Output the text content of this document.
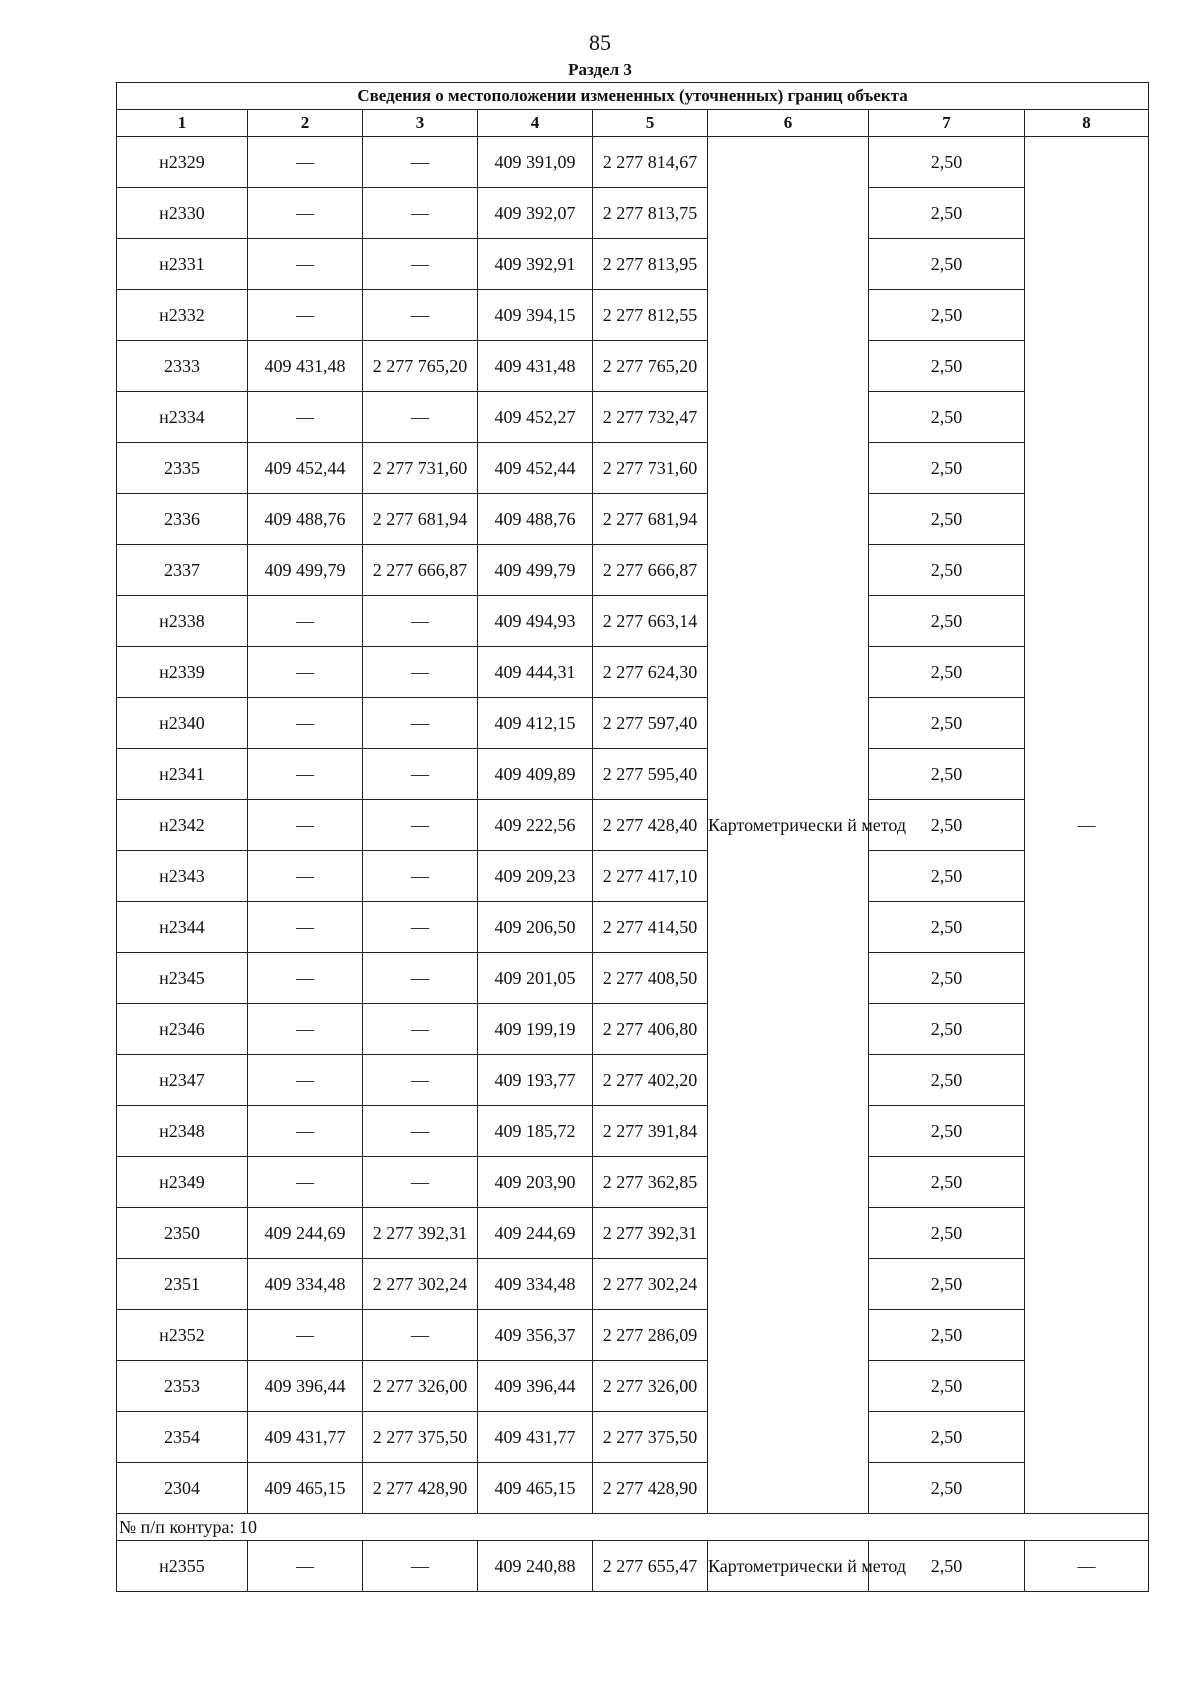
85
Раздел 3
Сведения о местоположении измененных (уточненных) границ объекта							
1	2	3	4	5	6	7	8
н2329	—	—	409 391,09	2 277 814,67	Картометрически й метод	2,50	—
н2330	—	—	409 392,07	2 277 813,75		2,50	
н2331	—	—	409 392,91	2 277 813,95		2,50	
н2332	—	—	409 394,15	2 277 812,55		2,50	
2333	409 431,48	2 277 765,20	409 431,48	2 277 765,20		2,50	
н2334	—	—	409 452,27	2 277 732,47		2,50	
2335	409 452,44	2 277 731,60	409 452,44	2 277 731,60		2,50	
2336	409 488,76	2 277 681,94	409 488,76	2 277 681,94		2,50	
2337	409 499,79	2 277 666,87	409 499,79	2 277 666,87		2,50	
н2338	—	—	409 494,93	2 277 663,14		2,50	
н2339	—	—	409 444,31	2 277 624,30		2,50	
н2340	—	—	409 412,15	2 277 597,40		2,50	
н2341	—	—	409 409,89	2 277 595,40		2,50	
н2342	—	—	409 222,56	2 277 428,40		2,50	
н2343	—	—	409 209,23	2 277 417,10		2,50	
н2344	—	—	409 206,50	2 277 414,50		2,50	
н2345	—	—	409 201,05	2 277 408,50		2,50	
н2346	—	—	409 199,19	2 277 406,80		2,50	
н2347	—	—	409 193,77	2 277 402,20		2,50	
н2348	—	—	409 185,72	2 277 391,84		2,50	
н2349	—	—	409 203,90	2 277 362,85		2,50	
2350	409 244,69	2 277 392,31	409 244,69	2 277 392,31		2,50	
2351	409 334,48	2 277 302,24	409 334,48	2 277 302,24		2,50	
н2352	—	—	409 356,37	2 277 286,09		2,50	
2353	409 396,44	2 277 326,00	409 396,44	2 277 326,00		2,50	
2354	409 431,77	2 277 375,50	409 431,77	2 277 375,50		2,50	
2304	409 465,15	2 277 428,90	409 465,15	2 277 428,90		2,50	
№ п/п контура: 10							
н2355	—	—	409 240,88	2 277 655,47	Картометрически й метод	2,50	—
